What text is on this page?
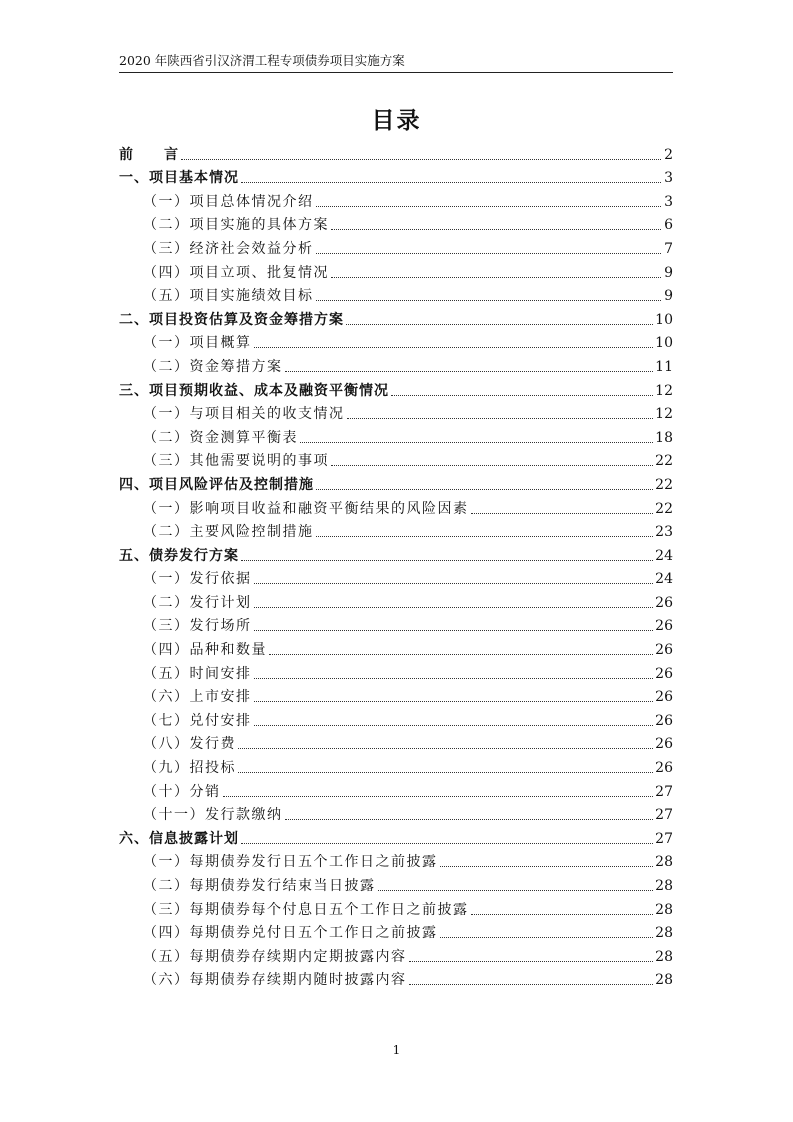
2020 年陕西省引汉济渭工程专项债券项目实施方案
目录
前　　言	2
一、项目基本情况	3
（一）项目总体情况介绍	3
（二）项目实施的具体方案	6
（三）经济社会效益分析	7
（四）项目立项、批复情况	9
（五）项目实施绩效目标	9
二、项目投资估算及资金筹措方案	10
（一）项目概算	10
（二）资金筹措方案	11
三、项目预期收益、成本及融资平衡情况	12
（一）与项目相关的收支情况	12
（二）资金测算平衡表	18
（三）其他需要说明的事项	22
四、项目风险评估及控制措施	22
（一）影响项目收益和融资平衡结果的风险因素	22
（二）主要风险控制措施	23
五、债券发行方案	24
（一）发行依据	24
（二）发行计划	26
（三）发行场所	26
（四）品种和数量	26
（五）时间安排	26
（六）上市安排	26
（七）兑付安排	26
（八）发行费	26
（九）招投标	26
（十）分销	27
（十一）发行款缴纳	27
六、信息披露计划	27
（一）每期债券发行日五个工作日之前披露	28
（二）每期债券发行结束当日披露	28
（三）每期债券每个付息日五个工作日之前披露	28
（四）每期债券兑付日五个工作日之前披露	28
（五）每期债券存续期内定期披露内容	28
（六）每期债券存续期内随时披露内容	28
1
